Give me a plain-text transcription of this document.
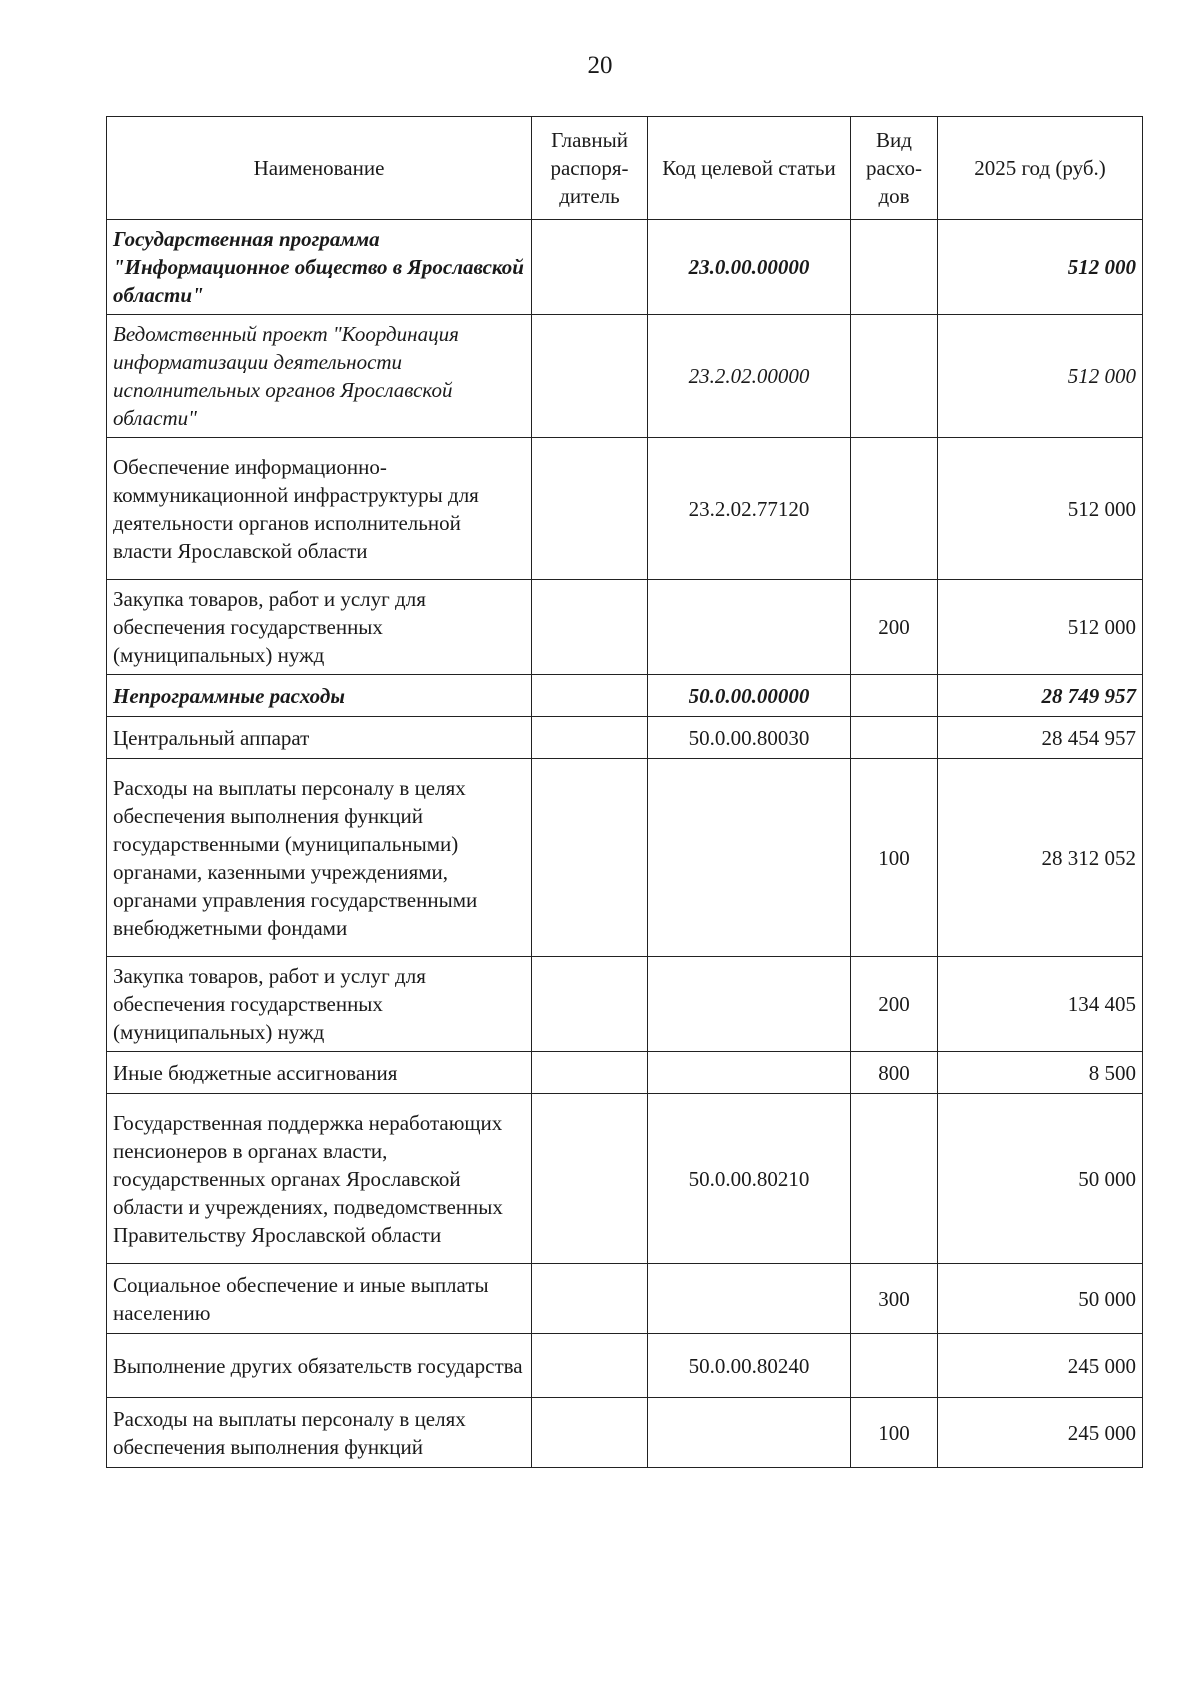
20
Наименование	Главный распоря-дитель	Код целевой статьи	Вид расхо-дов	2025 год (руб.)
Государственная программа "Информационное общество в Ярославской области"		23.0.00.00000		512 000
Ведомственный проект "Координация информатизации деятельности исполнительных органов Ярославской области"		23.2.02.00000		512 000
Обеспечение информационно-коммуникационной инфраструктуры для деятельности органов исполнительной власти Ярославской области		23.2.02.77120		512 000
Закупка товаров, работ и услуг для обеспечения государственных (муниципальных) нужд			200	512 000
Непрограммные расходы		50.0.00.00000		28 749 957
Центральный аппарат		50.0.00.80030		28 454 957
Расходы на выплаты персоналу в целях обеспечения выполнения функций государственными (муниципальными) органами, казенными учреждениями, органами управления государственными внебюджетными фондами			100	28 312 052
Закупка товаров, работ и услуг для обеспечения государственных (муниципальных) нужд			200	134 405
Иные бюджетные ассигнования			800	8 500
Государственная поддержка неработающих пенсионеров в органах власти, государственных органах Ярославской области и учреждениях, подведомственных Правительству Ярославской области		50.0.00.80210		50 000
Социальное обеспечение и иные выплаты населению			300	50 000
Выполнение других обязательств государства		50.0.00.80240		245 000
Расходы на выплаты персоналу в целях обеспечения выполнения функций			100	245 000
